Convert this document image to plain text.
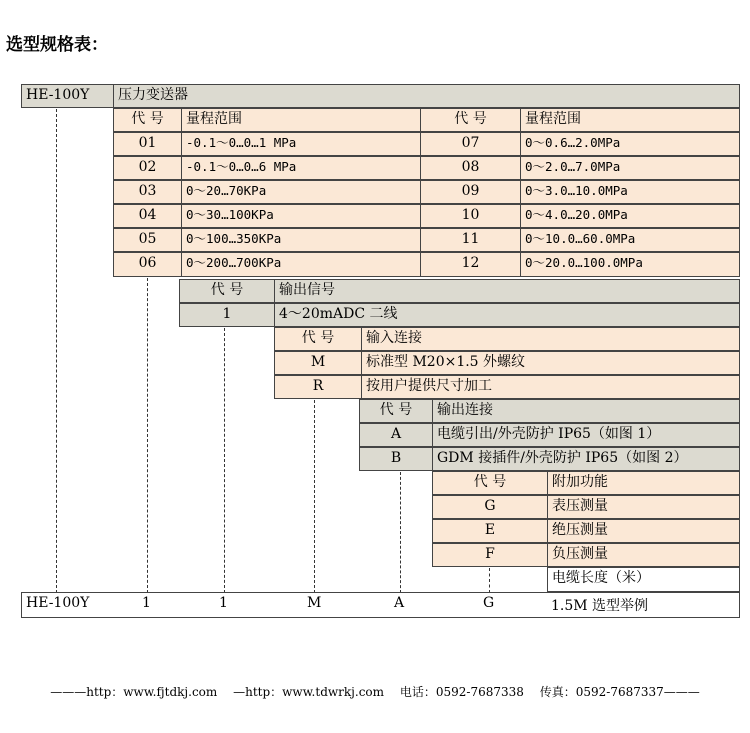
选型规格表：
HE-100Y	压力变送器
代 号	量程范围	代 号	量程范围
01	-0.1～0…0…1 MPa	07	0～0.6…2.0MPa
02	-0.1～0…0…6 MPa	08	0～2.0…7.0MPa
03	0～20…70KPa	09	0～3.0…10.0MPa
04	0～30…100KPa	10	0～4.0…20.0MPa
05	0～100…350KPa	11	0～10.0…60.0MPa
06	0～200…700KPa	12	0～20.0…100.0MPa
代 号	输出信号
1	4～20mADC 二线
代 号	输入连接
M	标准型 M20×1.5 外螺纹
R	按用户提供尺寸加工
代 号	输出连接
A	电缆引出/外壳防护 IP65（如图 1）
B	GDM 接插件/外壳防护 IP65（如图 2）
代 号	附加功能
G	表压测量
E	绝压测量
F	负压测量
电缆长度（米）
HE-100Y	1	1	M	A	G	1.5M 选型举例
———http：www.fjtdkj.com —http：www.tdwrkj.com 电话：0592-7687338 传真：0592-7687337———
